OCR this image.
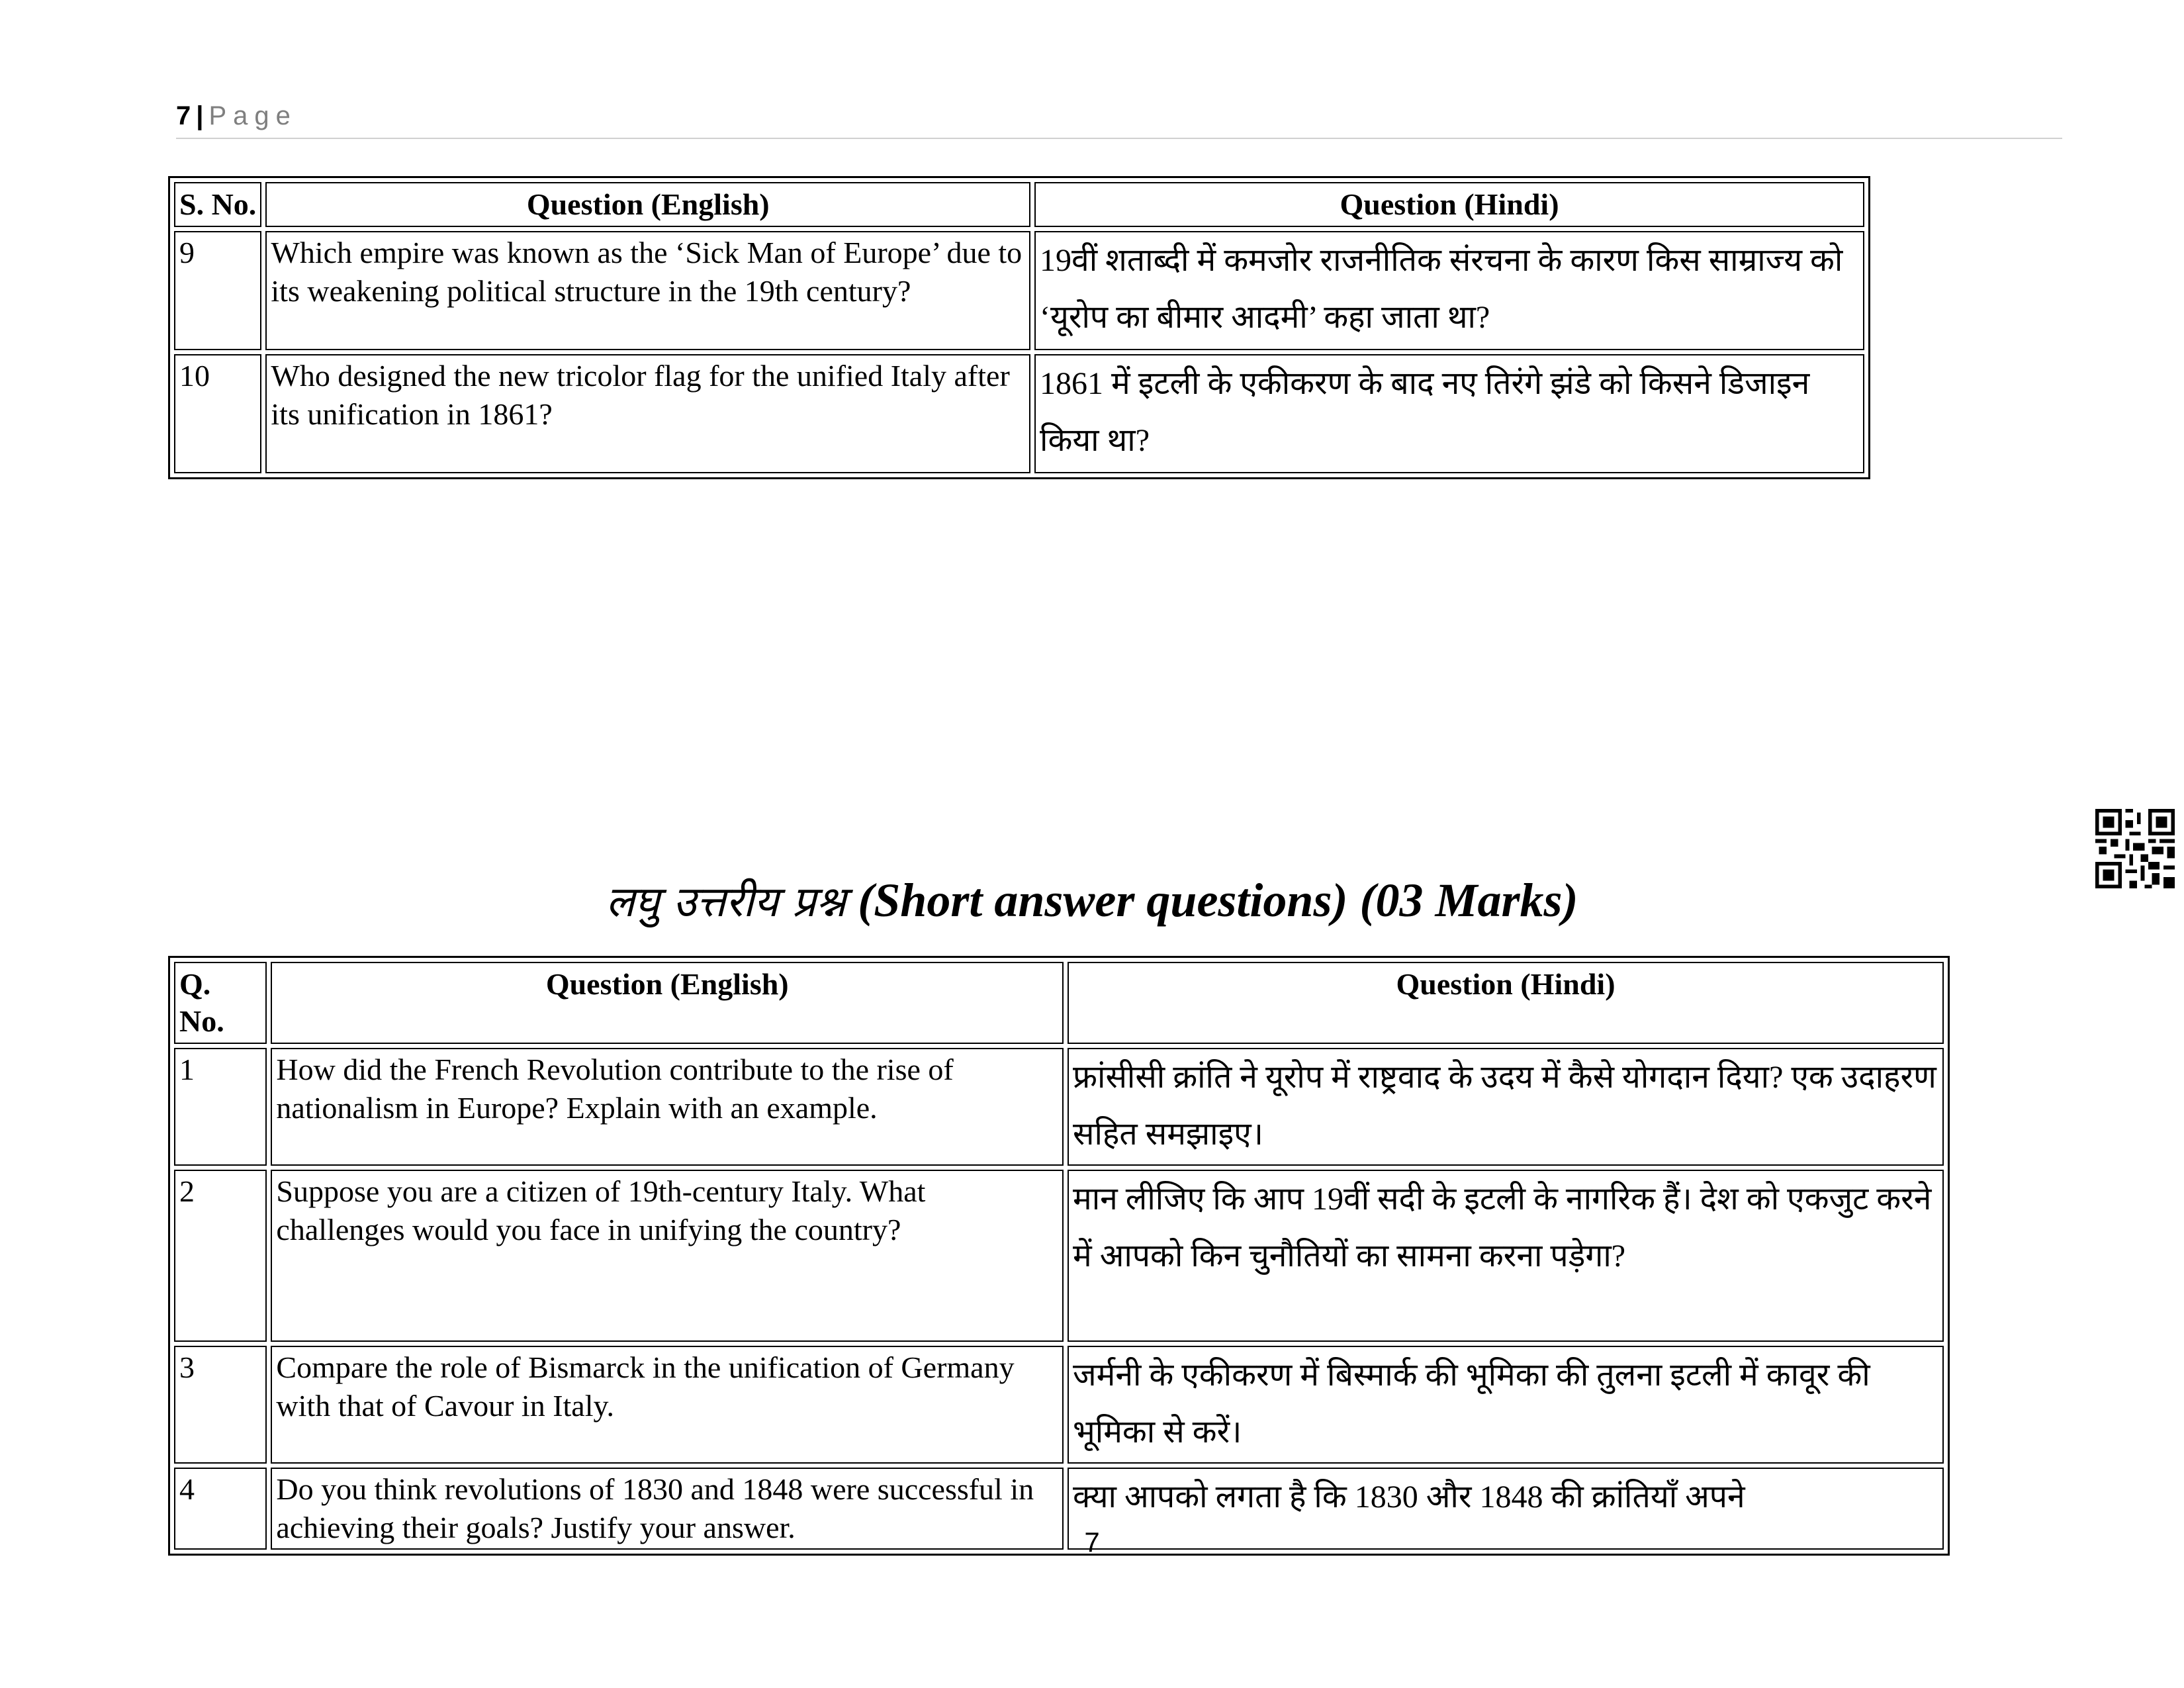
7 | Page
S. No.	Question (English)	Question (Hindi)
9	Which empire was known as the ‘Sick Man of Europe’ due to its weakening political structure in the 19th century?	19वीं शताब्दी में कमजोर राजनीतिक संरचना के कारण किस साम्राज्य को ‘यूरोप का बीमार आदमी’ कहा जाता था?
10	Who designed the new tricolor flag for the unified Italy after its unification in 1861?	1861 में इटली के एकीकरण के बाद नए तिरंगे झंडे को किसने डिजाइन किया था?
लघु उत्तरीय प्रश्न (Short answer questions) (03 Marks)
Q. No.	Question (English)	Question (Hindi)
1	How did the French Revolution contribute to the rise of nationalism in Europe? Explain with an example.	फ्रांसीसी क्रांति ने यूरोप में राष्ट्रवाद के उदय में कैसे योगदान दिया? एक उदाहरण सहित समझाइए।
2	Suppose you are a citizen of 19th-century Italy. What challenges would you face in unifying the country?	मान लीजिए कि आप 19वीं सदी के इटली के नागरिक हैं। देश को एकजुट करने में आपको किन चुनौतियों का सामना करना पड़ेगा?
3	Compare the role of Bismarck in the unification of Germany with that of Cavour in Italy.	जर्मनी के एकीकरण में बिस्मार्क की भूमिका की तुलना इटली में कावूर की भूमिका से करें।
4	Do you think revolutions of 1830 and 1848 were successful in achieving their goals? Justify your answer.	क्या आपको लगता है कि 1830 और 1848 की क्रांतियाँ अपने
7
